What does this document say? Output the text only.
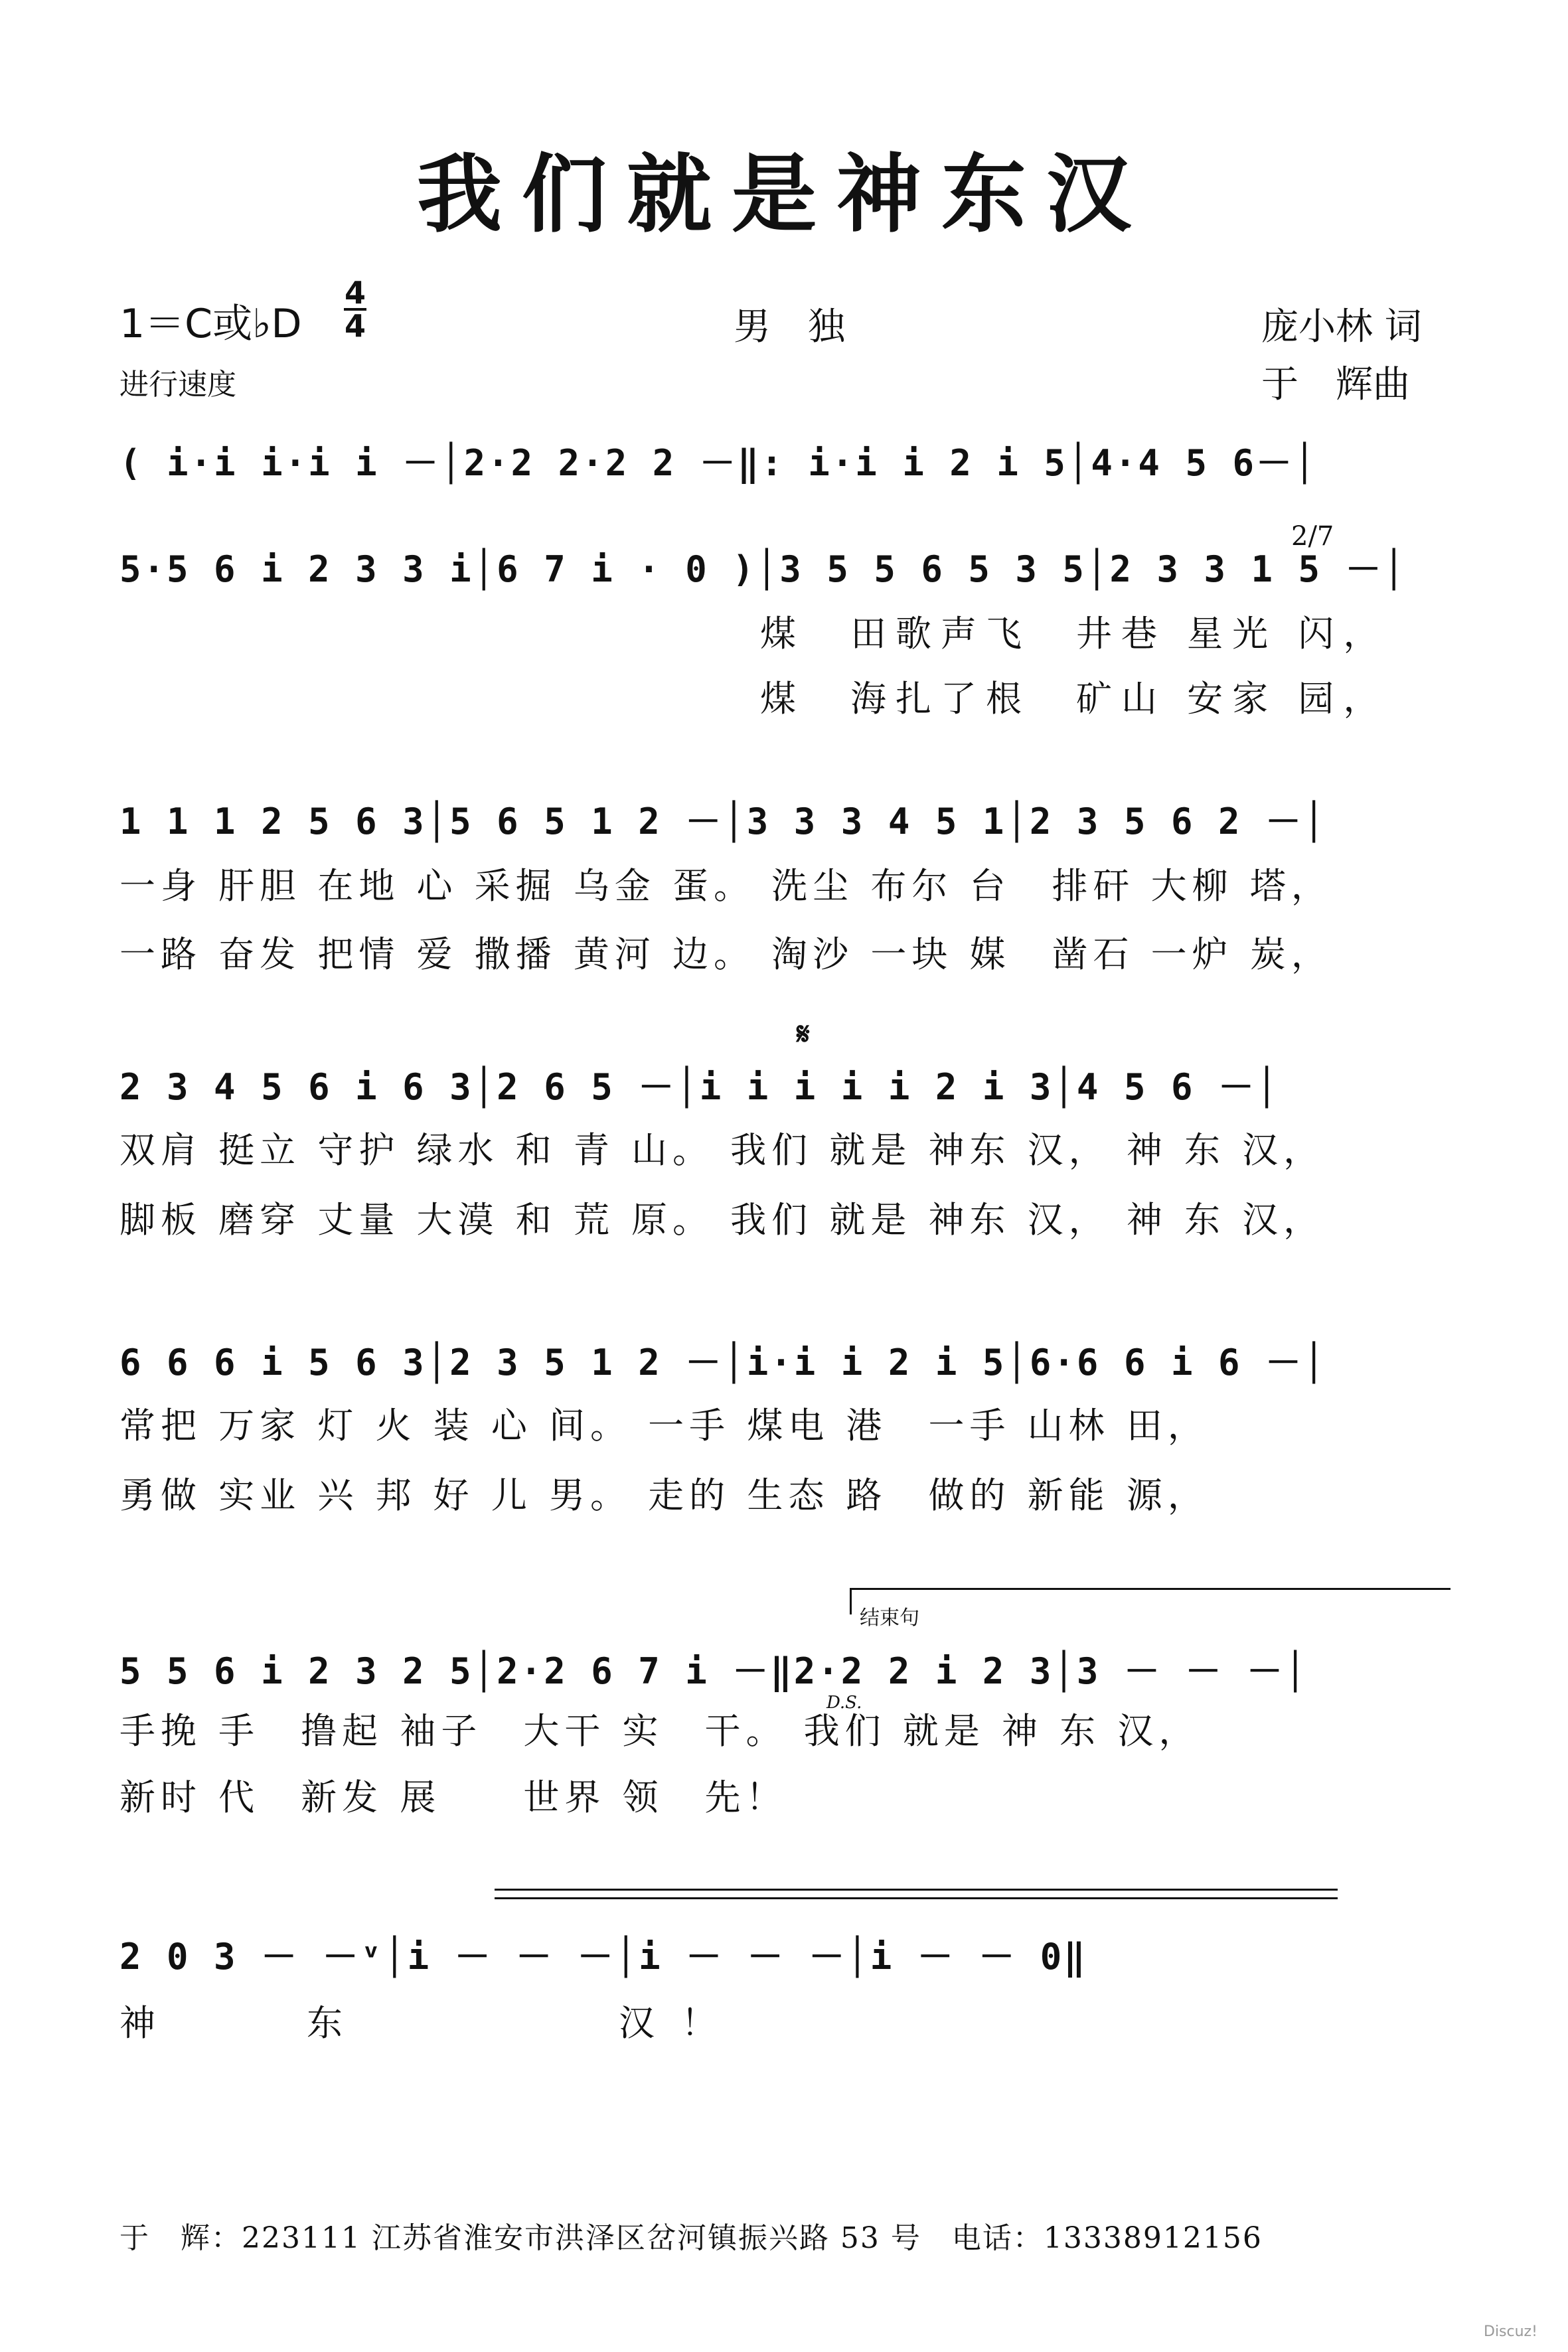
我们就是神东汉
1＝C或♭D
4
4	男　独	庞小林 词
进行速度	于　辉曲
( i·i i·i i －│2·2 2·2 2 －‖: i·i i 2 i 5│4·4 5 6－│
5·5 6 i 2 3 3 i│6 7 i · 0 )│3 5 5 6 5 3 5│2 3 3 1 5 －│
2/7
煤　田歌声飞　井巷 星光 闪，
煤　海扎了根　矿山 安家 园，
1 1 1 2 5 6 3│5 6 5 1 2 －│3 3 3 4 5 1│2 3 5 6 2 －│
一身 肝胆 在地 心 采掘 乌金 蛋。 洗尘 布尔 台　排矸 大柳 塔，
一路 奋发 把情 爱 撒播 黄河 边。 淘沙 一块 媒　凿石 一炉 炭，
𝄋
2 3 4 5 6 i 6 3│2 6 5 －│i i i i i 2 i 3│4 5 6 －│
双肩 挺立 守护 绿水 和 青 山。 我们 就是 神东 汉， 神 东 汉，
脚板 磨穿 丈量 大漠 和 荒 原。 我们 就是 神东 汉， 神 东 汉，
6 6 6 i 5 6 3│2 3 5 1 2 －│i·i i 2 i 5│6·6 6 i 6 －│
常把 万家 灯 火 装 心 间。 一手 煤电 港　一手 山林 田，
勇做 实业 兴 邦 好 儿 男。 走的 生态 路　做的 新能 源，
结束句
5 5 6 i 2 3 2 5│2·2 6 7 i －‖2·2 2 i 2 3│3 － － －│
D.S.
手挽 手　撸起 袖子　大干 实　干。 我们 就是 神 东 汉，
新时 代　新发 展　　世界 领　先！
2 0 3 － －ᵛ│i － － －│i － － －│i － － 0‖
神　　东　　　　汉！
于　辉：223111 江苏省淮安市洪泽区岔河镇振兴路 53 号　电话：13338912156
Discuz!
